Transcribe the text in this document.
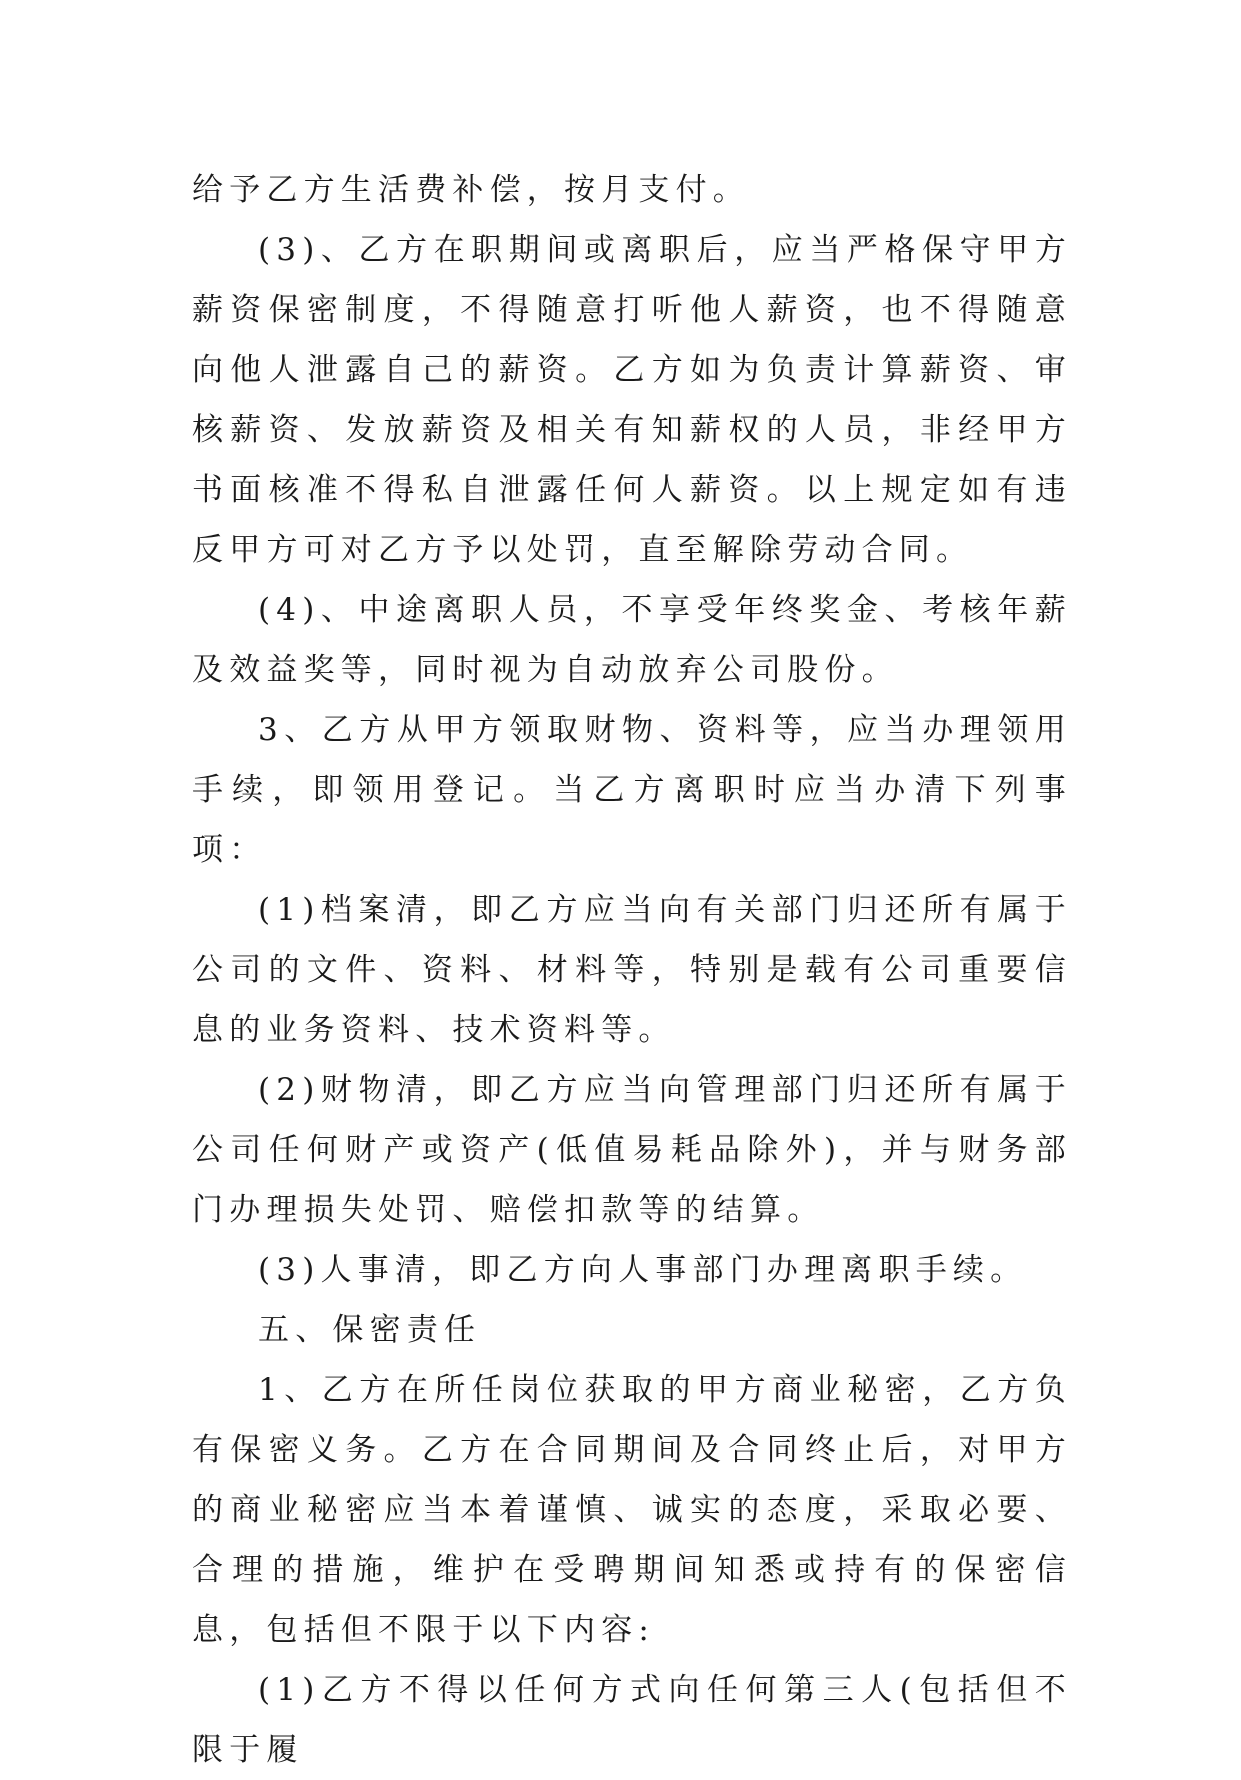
给予乙方生活费补偿，按月支付。

(3)、乙方在职期间或离职后，应当严格保守甲方薪资保密制度，不得随意打听他人薪资，也不得随意向他人泄露自己的薪资。乙方如为负责计算薪资、审核薪资、发放薪资及相关有知薪权的人员，非经甲方书面核准不得私自泄露任何人薪资。以上规定如有违反甲方可对乙方予以处罚，直至解除劳动合同。

(4)、中途离职人员，不享受年终奖金、考核年薪及效益奖等，同时视为自动放弃公司股份。

3、乙方从甲方领取财物、资料等，应当办理领用手续，即领用登记。当乙方离职时应当办清下列事项：

(1)档案清，即乙方应当向有关部门归还所有属于公司的文件、资料、材料等，特别是载有公司重要信息的业务资料、技术资料等。

(2)财物清，即乙方应当向管理部门归还所有属于公司任何财产或资产(低值易耗品除外)，并与财务部门办理损失处罚、赔偿扣款等的结算。

(3)人事清，即乙方向人事部门办理离职手续。

五、保密责任

1、乙方在所任岗位获取的甲方商业秘密，乙方负有保密义务。乙方在合同期间及合同终止后，对甲方的商业秘密应当本着谨慎、诚实的态度，采取必要、合理的措施，维护在受聘期间知悉或持有的保密信息，包括但不限于以下内容:

(1)乙方不得以任何方式向任何第三人(包括但不限于履
